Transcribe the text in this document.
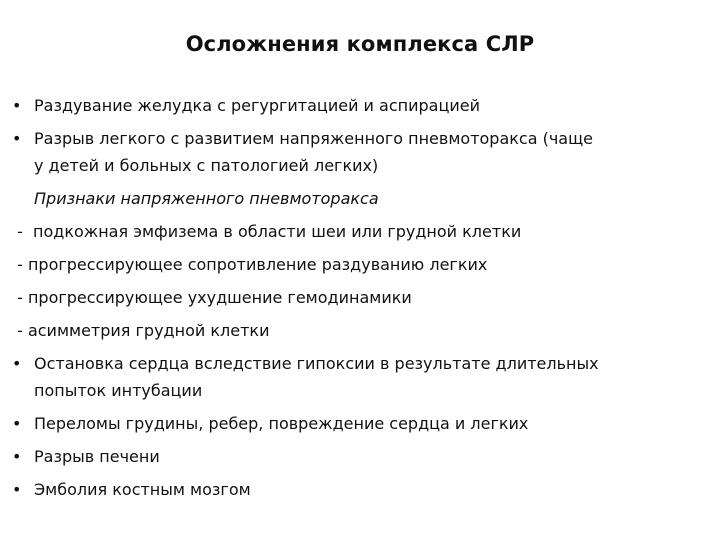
Осложнения комплекса СЛР
• Раздувание желудка с регургитацией и аспирацией
• Разрыв легкого с развитием напряженного пневмоторакса (чаще
у детей и больных с патологией легких)
Признаки напряженного пневмоторакса
-  подкожная эмфизема в области шеи или грудной клетки
- прогрессирующее сопротивление раздуванию легких
- прогрессирующее ухудшение гемодинамики
- асимметрия грудной клетки
• Остановка сердца вследствие гипоксии в результате длительных
попыток интубации
• Переломы грудины, ребер, повреждение сердца и легких
• Разрыв печени
• Эмболия костным мозгом
